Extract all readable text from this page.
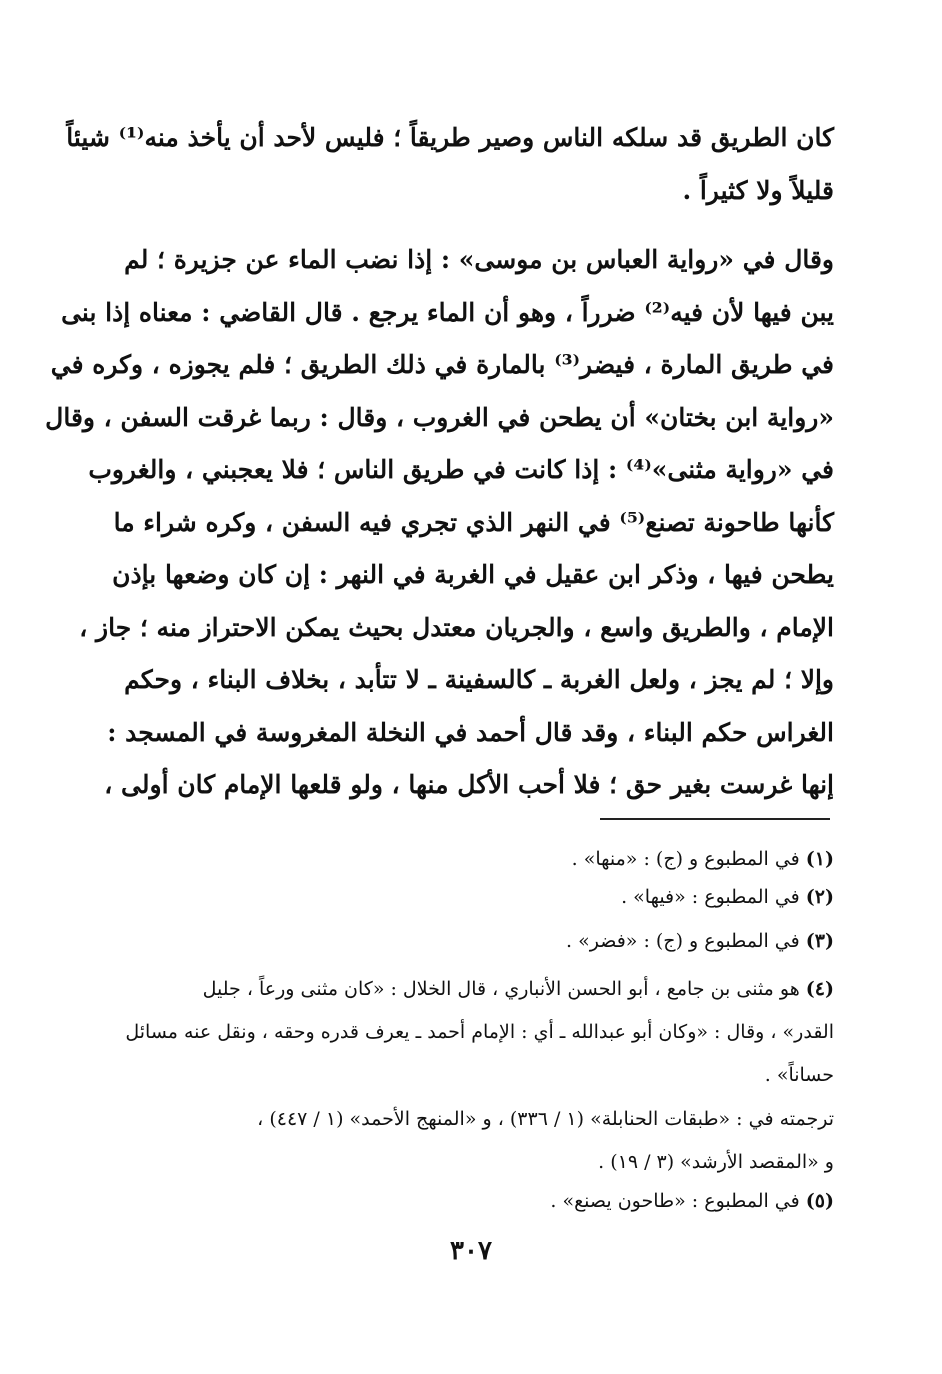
كان الطريق قد سلكه الناس وصير طريقاً ؛ فليس لأحد أن يأخذ منه⁽¹⁾ شيئاً
قليلاً ولا كثيراً .
وقال في «رواية العباس بن موسى» : إذا نضب الماء عن جزيرة ؛ لم
يبن فيها لأن فيه⁽²⁾ ضرراً ، وهو أن الماء يرجع . قال القاضي : معناه إذا بنى
في طريق المارة ، فيضر⁽³⁾ بالمارة في ذلك الطريق ؛ فلم يجوزه ، وكره في
«رواية ابن بختان» أن يطحن في الغروب ، وقال : ربما غرقت السفن ، وقال
في «رواية مثنى»⁽⁴⁾ : إذا كانت في طريق الناس ؛ فلا يعجبني ، والغروب
كأنها طاحونة تصنع⁽⁵⁾ في النهر الذي تجري فيه السفن ، وكره شراء ما
يطحن فيها ، وذكر ابن عقيل في الغربة في النهر : إن كان وضعها بإذن
الإمام ، والطريق واسع ، والجريان معتدل بحيث يمكن الاحتراز منه ؛ جاز ،
وإلا ؛ لم يجز ، ولعل الغربة ـ كالسفينة ـ لا تتأبد ، بخلاف البناء ، وحكم
الغراس حكم البناء ، وقد قال أحمد في النخلة المغروسة في المسجد :
إنها غرست بغير حق ؛ فلا أحب الأكل منها ، ولو قلعها الإمام كان أولى ،
(١) في المطبوع و (ج) : «منها» .
(٢) في المطبوع : «فيها» .
(٣) في المطبوع و (ج) : «فضر» .
(٤) هو مثنى بن جامع ، أبو الحسن الأنباري ، قال الخلال : «كان مثنى ورعاً ، جليل
القدر» ، وقال : «وكان أبو عبدالله ـ أي : الإمام أحمد ـ يعرف قدره وحقه ، ونقل عنه مسائل
حساناً» .
ترجمته في : «طبقات الحنابلة» (١ / ٣٣٦) ، و «المنهج الأحمد» (١ / ٤٤٧) ،
و «المقصد الأرشد» (٣ / ١٩) .
(٥) في المطبوع : «طاحون يصنع» .
٣٠٧
